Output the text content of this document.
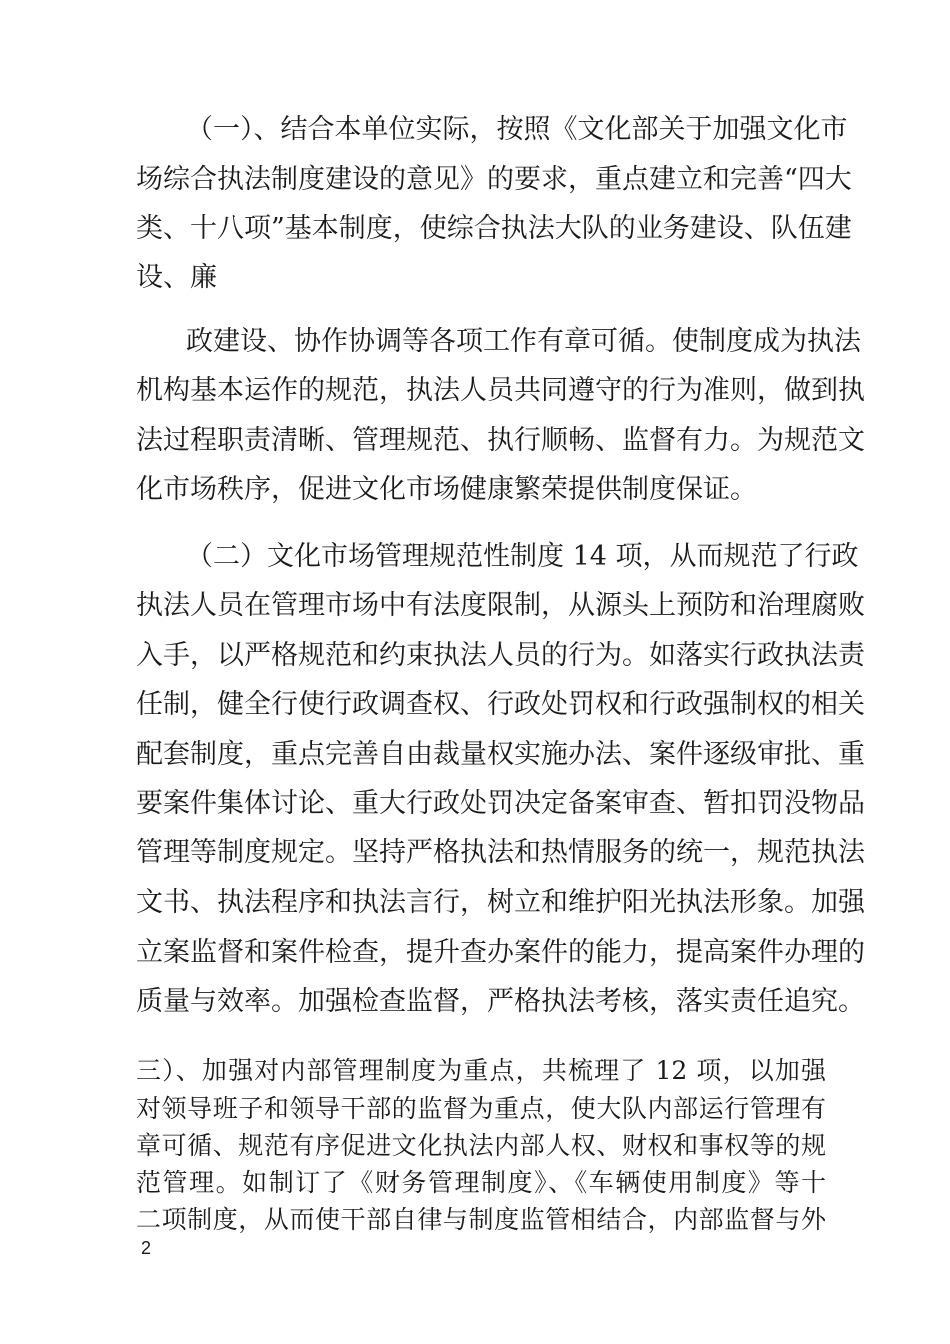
（一）、结合本单位实际，按照《文化部关于加强文化市
场综合执法制度建设的意见》的要求，重点建立和完善“四大
类、十八项”基本制度，使综合执法大队的业务建设、队伍建
设、廉
政建设、协作协调等各项工作有章可循。使制度成为执法
机构基本运作的规范，执法人员共同遵守的行为准则，做到执
法过程职责清晰、管理规范、执行顺畅、监督有力。为规范文
化市场秩序，促进文化市场健康繁荣提供制度保证。
（二）文化市场管理规范性制度 14 项，从而规范了行政
执法人员在管理市场中有法度限制，从源头上预防和治理腐败
入手，以严格规范和约束执法人员的行为。如落实行政执法责
任制，健全行使行政调查权、行政处罚权和行政强制权的相关
配套制度，重点完善自由裁量权实施办法、案件逐级审批、重
要案件集体讨论、重大行政处罚决定备案审查、暂扣罚没物品
管理等制度规定。坚持严格执法和热情服务的统一，规范执法
文书、执法程序和执法言行，树立和维护阳光执法形象。加强
立案监督和案件检查，提升查办案件的能力，提高案件办理的
质量与效率。加强检查监督，严格执法考核，落实责任追究。
三）、加强对内部管理制度为重点，共梳理了 12 项，以加强
对领导班子和领导干部的监督为重点，使大队内部运行管理有
章可循、规范有序促进文化执法内部人权、财权和事权等的规
范管理。如制订了《财务管理制度》、《车辆使用制度》等十
二项制度，从而使干部自律与制度监管相结合，内部监督与外
2
